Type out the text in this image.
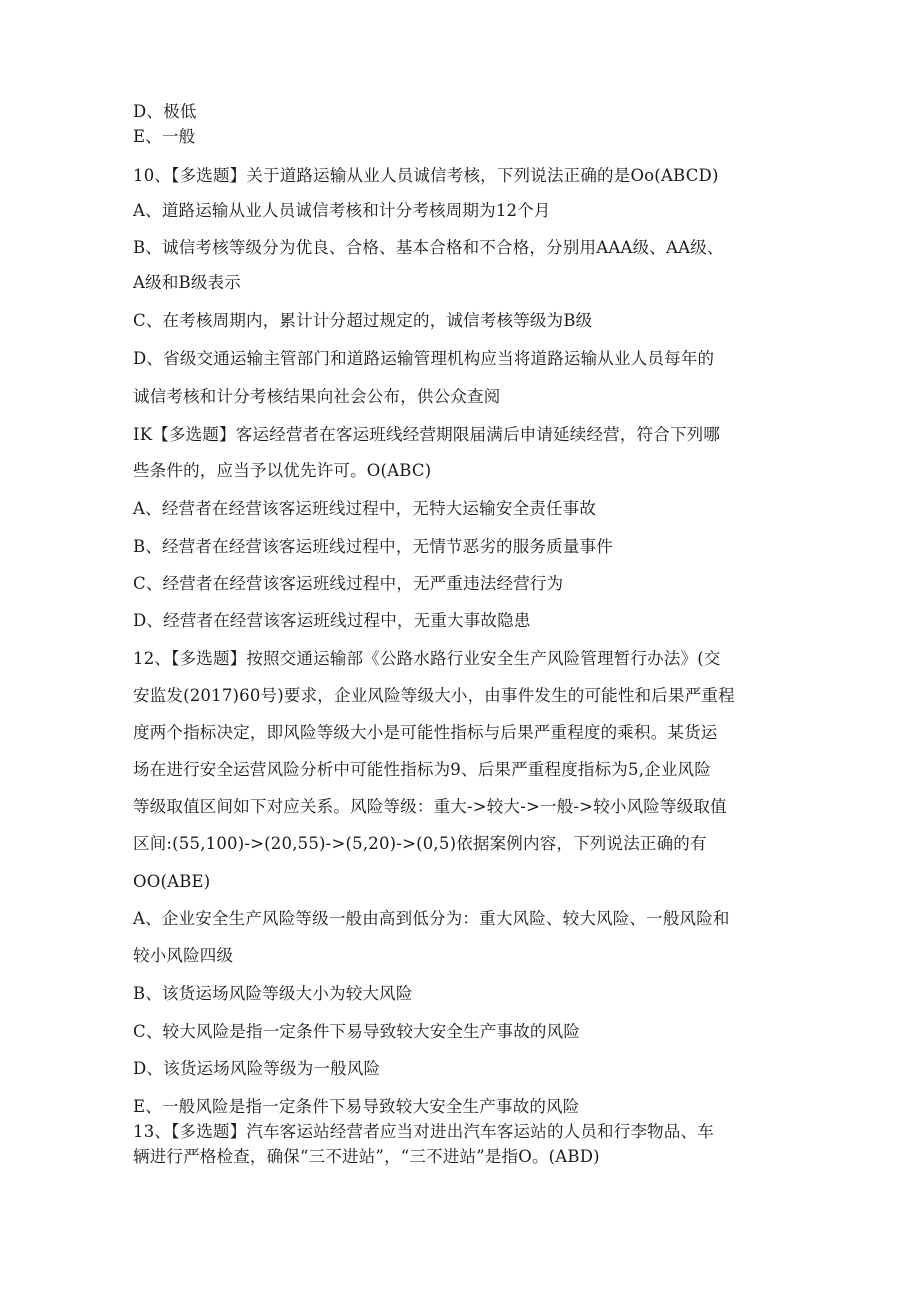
D、极低
E、一般
10、【多选题】关于道路运输从业人员诚信考核，下列说法正确的是Oo(ABCD)
A、道路运输从业人员诚信考核和计分考核周期为12个月
B、诚信考核等级分为优良、合格、基本合格和不合格，分别用AAA级、AA级、
A级和B级表示
C、在考核周期内，累计计分超过规定的，诚信考核等级为B级
D、省级交通运输主管部门和道路运输管理机构应当将道路运输从业人员每年的
诚信考核和计分考核结果向社会公布，供公众查阅
IK【多选题】客运经营者在客运班线经营期限届满后申请延续经营，符合下列哪
些条件的，应当予以优先许可。O(ABC)
A、经营者在经营该客运班线过程中，无特大运输安全责任事故
B、经营者在经营该客运班线过程中，无情节恶劣的服务质量事件
C、经营者在经营该客运班线过程中，无严重违法经营行为
D、经营者在经营该客运班线过程中，无重大事故隐患
12、【多选题】按照交通运输部《公路水路行业安全生产风险管理暂行办法》(交
安监发(2017)60号)要求，企业风险等级大小，由事件发生的可能性和后果严重程
度两个指标决定，即风险等级大小是可能性指标与后果严重程度的乘积。某货运
场在进行安全运营风险分析中可能性指标为9、后果严重程度指标为5,企业风险
等级取值区间如下对应关系。风险等级：重大->较大->一般->较小风险等级取值
区间:(55,100)->(20,55)->(5,20)->(0,5)依据案例内容，下列说法正确的有
OO(ABE)
A、企业安全生产风险等级一般由高到低分为：重大风险、较大风险、一般风险和
较小风险四级
B、该货运场风险等级大小为较大风险
C、较大风险是指一定条件下易导致较大安全生产事故的风险
D、该货运场风险等级为一般风险
E、一般风险是指一定条件下易导致较大安全生产事故的风险
13、【多选题】汽车客运站经营者应当对进出汽车客运站的人员和行李物品、车
辆进行严格检查，确保“三不进站”，“三不进站”是指O。(ABD)
